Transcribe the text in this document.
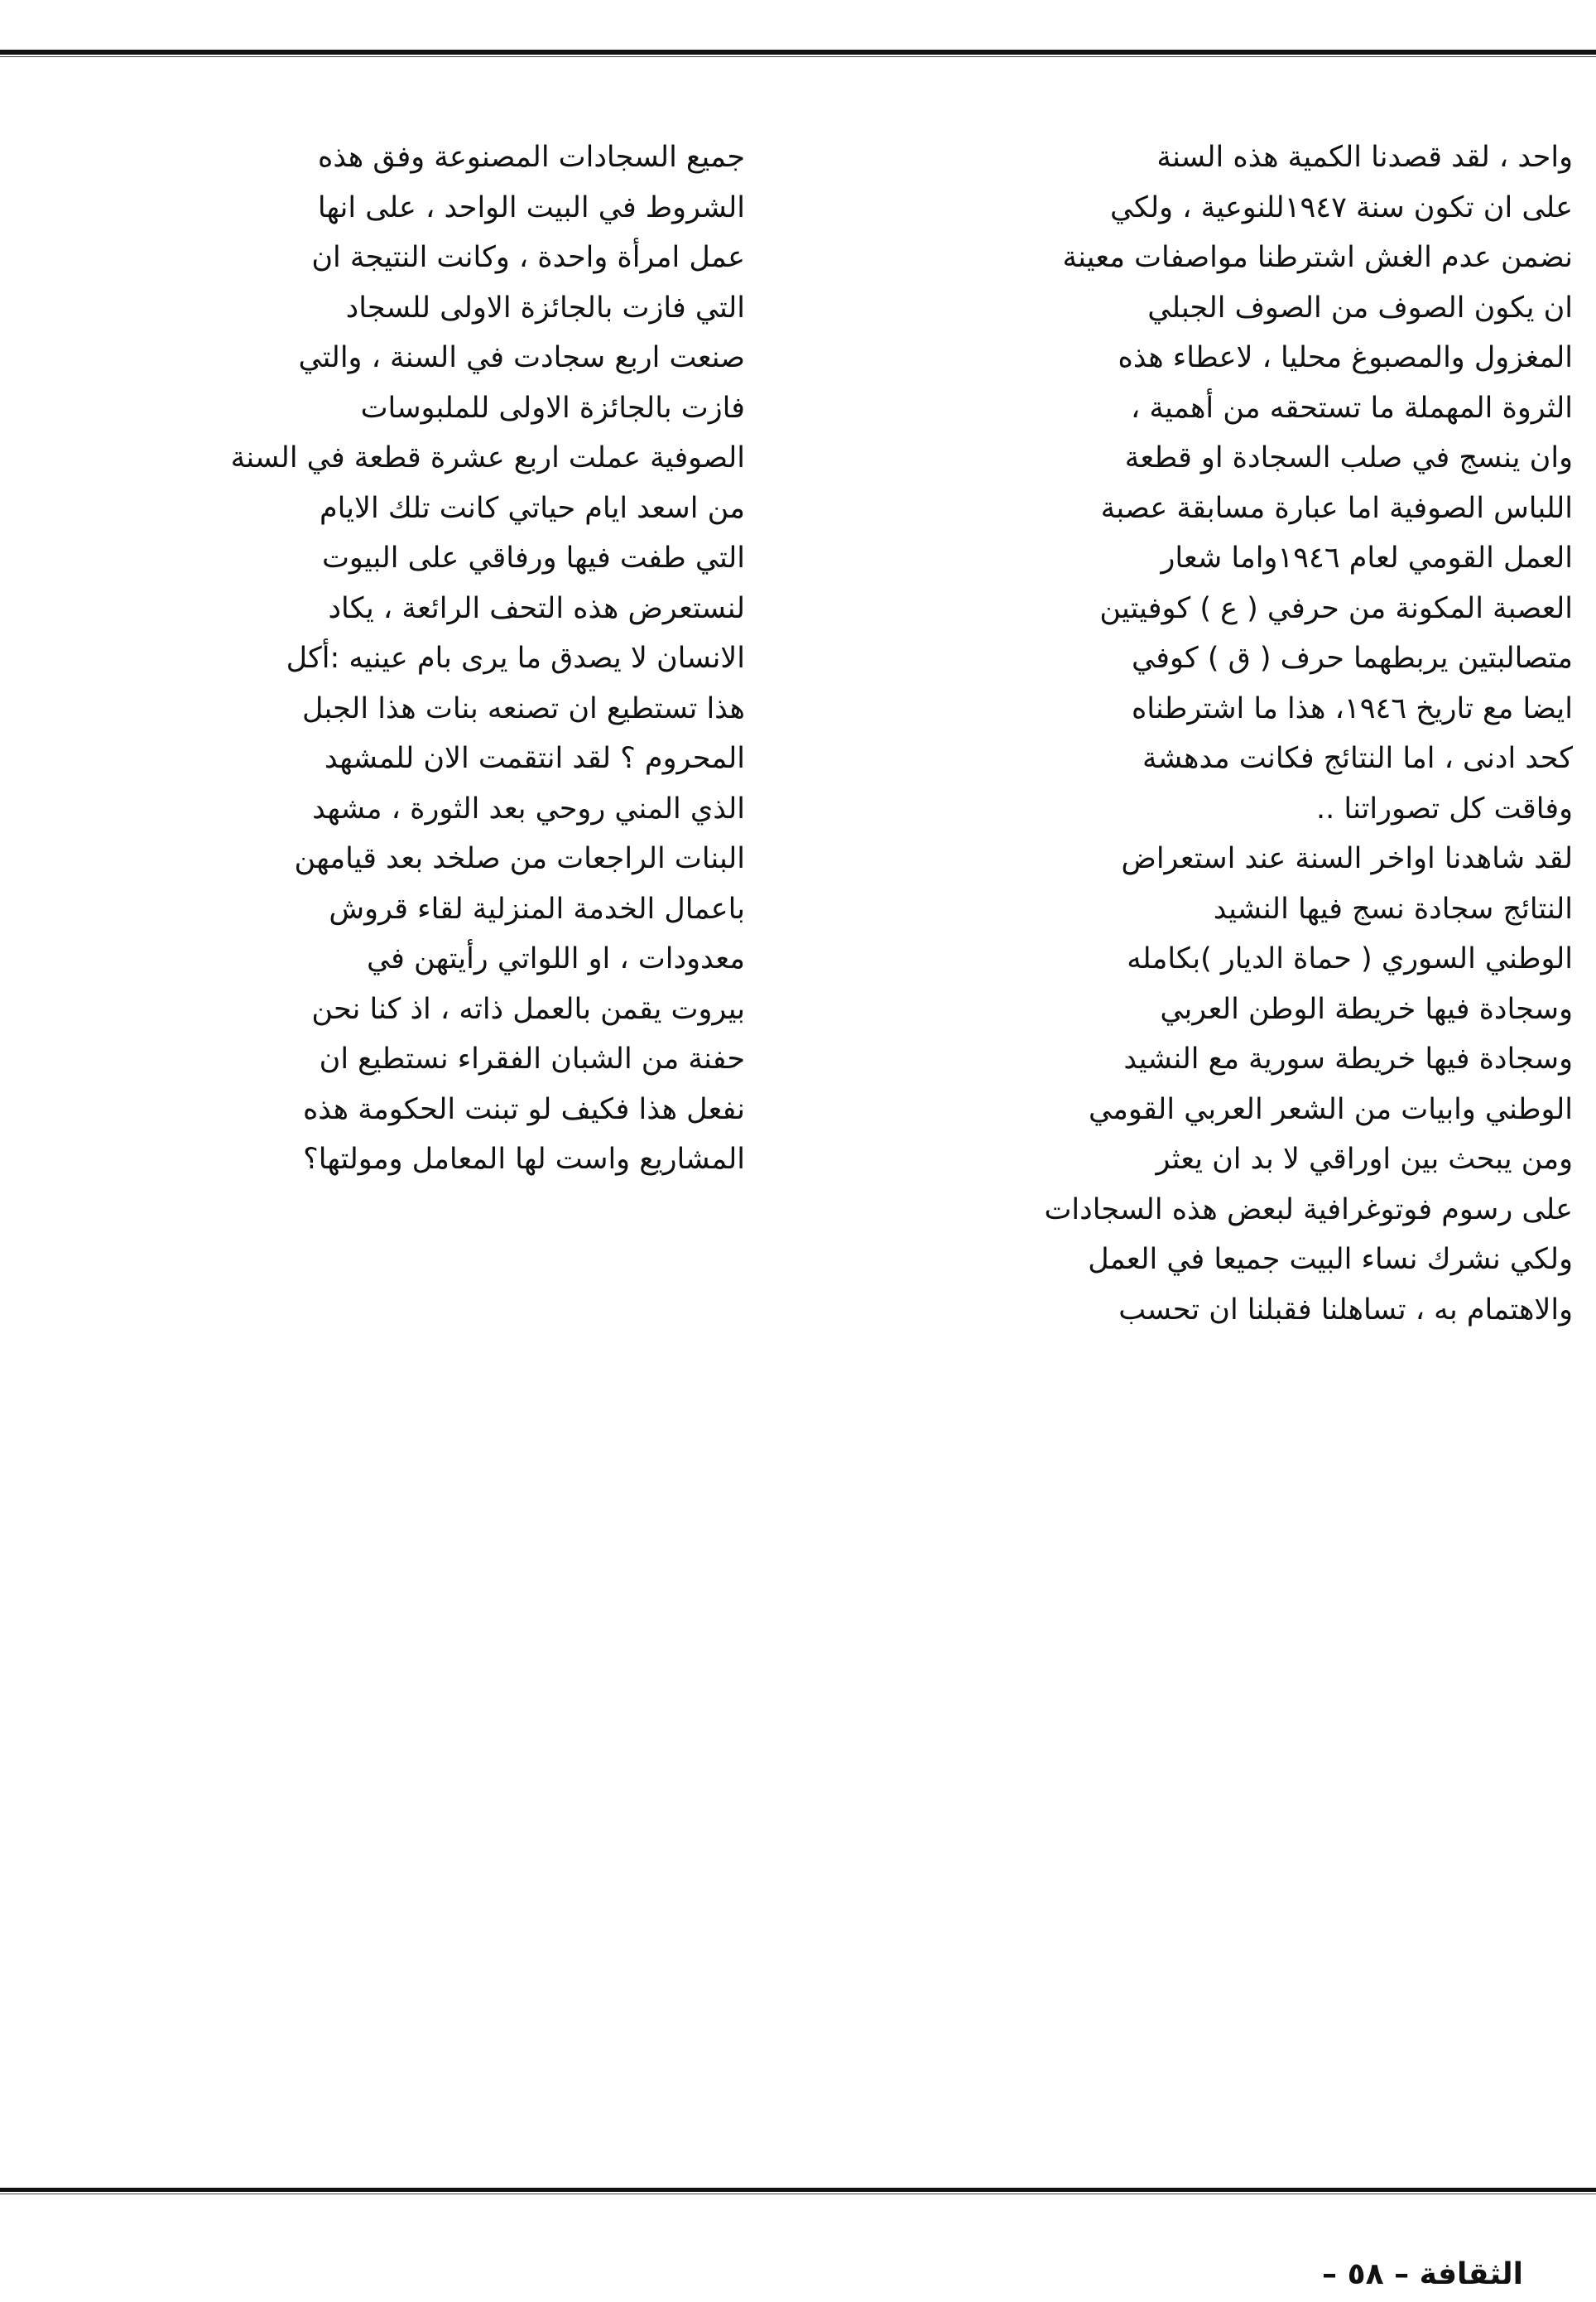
واحد ، لقد قصدنا الكمية هذه السنة
على ان تكون سنة ١٩٤٧للنوعية ، ولكي
نضمن عدم الغش اشترطنا مواصفات معينة
ان يكون الصوف من الصوف الجبلي
المغزول والمصبوغ محليا ، لاعطاء هذه
الثروة المهملة ما تستحقه من أهمية ،
وان ينسج في صلب السجادة او قطعة
اللباس الصوفية اما عبارة مسابقة عصبة
العمل القومي لعام ١٩٤٦واما شعار
العصبة المكونة من حرفي ( ع ) كوفيتين
متصالبتين يربطهما حرف ( ق ) كوفي
ايضا مع تاريخ ١٩٤٦، هذا ما اشترطناه
كحد ادنى ، اما النتائج فكانت مدهشة
وفاقت كل تصوراتنا ..
لقد شاهدنا اواخر السنة عند استعراض
النتائج سجادة نسج فيها النشيد
الوطني السوري ( حماة الديار )بكامله
وسجادة فيها خريطة الوطن العربي
وسجادة فيها خريطة سورية مع النشيد
الوطني وابيات من الشعر العربي القومي
ومن يبحث بين اوراقي لا بد ان يعثر
على رسوم فوتوغرافية لبعض هذه السجادات
ولكي نشرك نساء البيت جميعا في العمل
والاهتمام به ، تساهلنا فقبلنا ان تحسب
جميع السجادات المصنوعة وفق هذه
الشروط في البيت الواحد ، على انها
عمل امرأة واحدة ، وكانت النتيجة ان
التي فازت بالجائزة الاولى للسجاد
صنعت اربع سجادت في السنة ، والتي
فازت بالجائزة الاولى للملبوسات
الصوفية عملت اربع عشرة قطعة في السنة
من اسعد ايام حياتي كانت تلك الايام
التي طفت فيها ورفاقي على البيوت
لنستعرض هذه التحف الرائعة ، يكاد
الانسان لا يصدق ما يرى بام عينيه :أكل
هذا تستطيع ان تصنعه بنات هذا الجبل
المحروم ؟ لقد انتقمت الان للمشهد
الذي المني روحي بعد الثورة ، مشهد
البنات الراجعات من صلخد بعد قيامهن
باعمال الخدمة المنزلية لقاء قروش
معدودات ، او اللواتي رأيتهن في
بيروت يقمن بالعمل ذاته ، اذ كنا نحن
حفنة من الشبان الفقراء نستطيع ان
نفعل هذا فكيف لو تبنت الحكومة هذه
المشاريع واست لها المعامل ومولتها؟
الثقافة – ٥٨ –
